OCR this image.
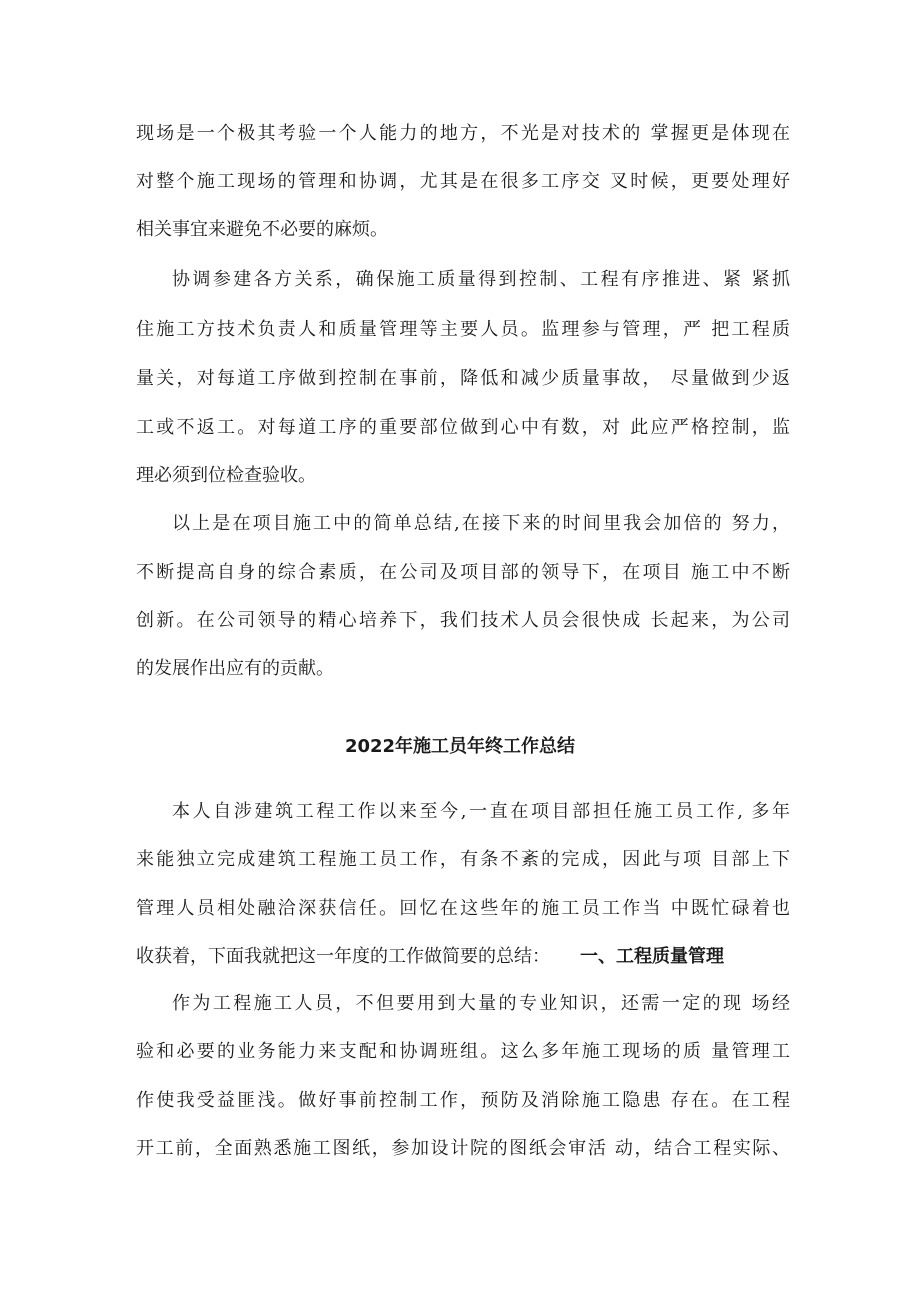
现场是一个极其考验一个人能力的地方，不光是对技术的 掌握更是体现在
对整个施工现场的管理和协调，尤其是在很多工序交 叉时候，更要处理好
相关事宜来避免不必要的麻烦。
协调参建各方关系，确保施工质量得到控制、工程有序推进、紧 紧抓
住施工方技术负责人和质量管理等主要人员。监理参与管理，严 把工程质
量关，对每道工序做到控制在事前，降低和减少质量事故， 尽量做到少返
工或不返工。对每道工序的重要部位做到心中有数，对 此应严格控制，监
理必须到位检查验收。
以上是在项目施工中的简单总结,在接下来的时间里我会加倍的 努力，
不断提高自身的综合素质，在公司及项目部的领导下，在项目 施工中不断
创新。在公司领导的精心培养下，我们技术人员会很快成 长起来，为公司
的发展作出应有的贡献。
2022年施工员年终工作总结
本人自涉建筑工程工作以来至今,一直在项目部担任施工员工作, 多年
来能独立完成建筑工程施工员工作，有条不紊的完成，因此与项 目部上下
管理人员相处融洽深获信任。回忆在这些年的施工员工作当 中既忙碌着也
收获着，下面我就把这一年度的工作做简要的总结： 一、工程质量管理
作为工程施工人员，不但要用到大量的专业知识，还需一定的现 场经
验和必要的业务能力来支配和协调班组。这么多年施工现场的质 量管理工
作使我受益匪浅。做好事前控制工作，预防及消除施工隐患 存在。在工程
开工前，全面熟悉施工图纸，参加设计院的图纸会审活 动，结合工程实际、
